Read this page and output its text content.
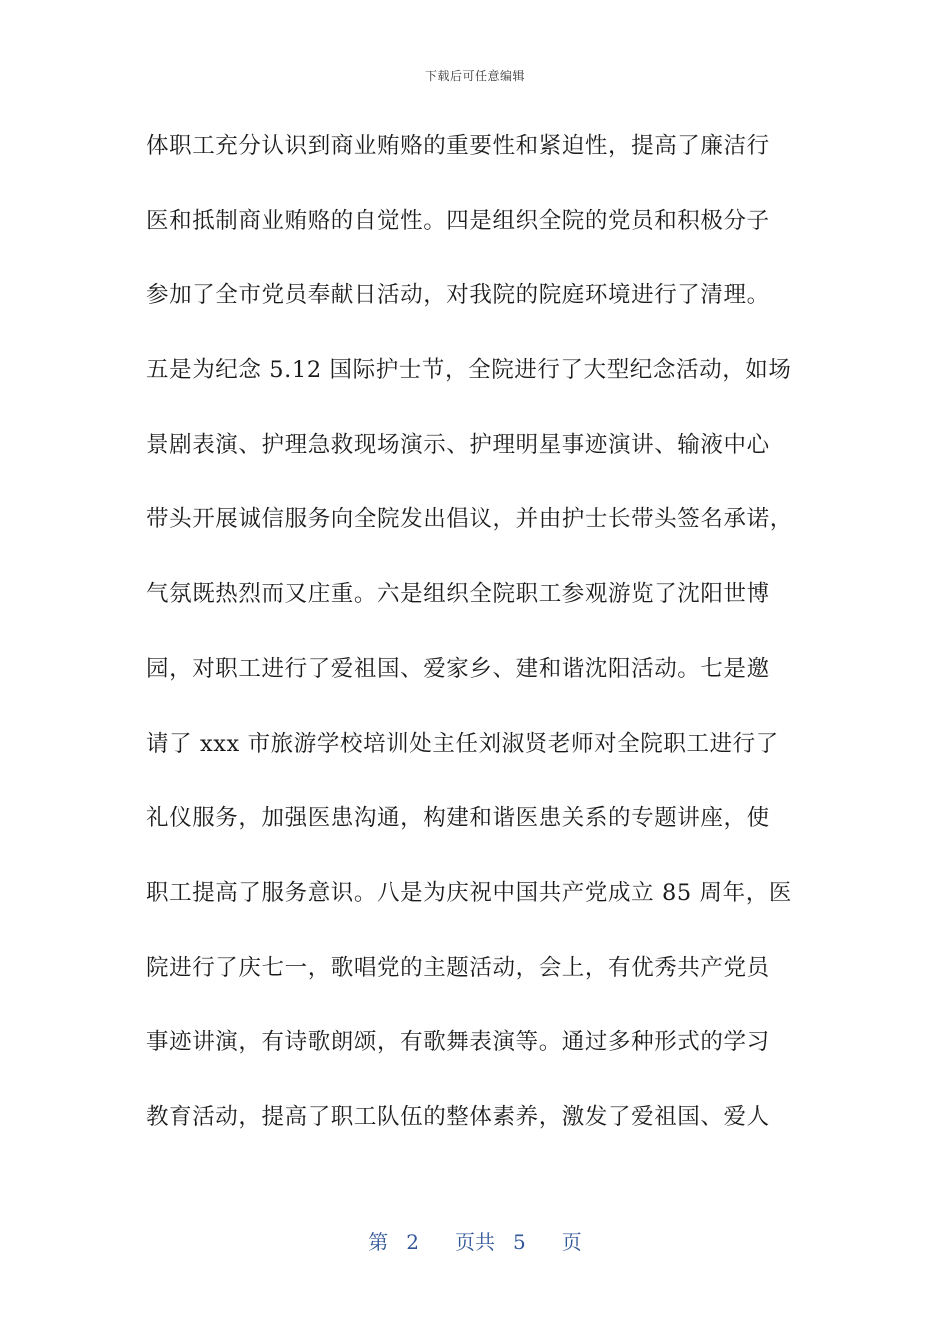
下载后可任意编辑
体职工充分认识到商业贿赂的重要性和紧迫性，提高了廉洁行
医和抵制商业贿赂的自觉性。四是组织全院的党员和积极分子
参加了全市党员奉献日活动，对我院的院庭环境进行了清理。
五是为纪念 5.12 国际护士节，全院进行了大型纪念活动，如场
景剧表演、护理急救现场演示、护理明星事迹演讲、输液中心
带头开展诚信服务向全院发出倡议，并由护士长带头签名承诺，
气氛既热烈而又庄重。六是组织全院职工参观游览了沈阳世博
园，对职工进行了爱祖国、爱家乡、建和谐沈阳活动。七是邀
请了 xxx 市旅游学校培训处主任刘淑贤老师对全院职工进行了
礼仪服务，加强医患沟通，构建和谐医患关系的专题讲座，使
职工提高了服务意识。八是为庆祝中国共产党成立 85 周年，医
院进行了庆七一，歌唱党的主题活动，会上，有优秀共产党员
事迹讲演，有诗歌朗颂，有歌舞表演等。通过多种形式的学习
教育活动，提高了职工队伍的整体素养，激发了爱祖国、爱人
第 2 页共 5 页
